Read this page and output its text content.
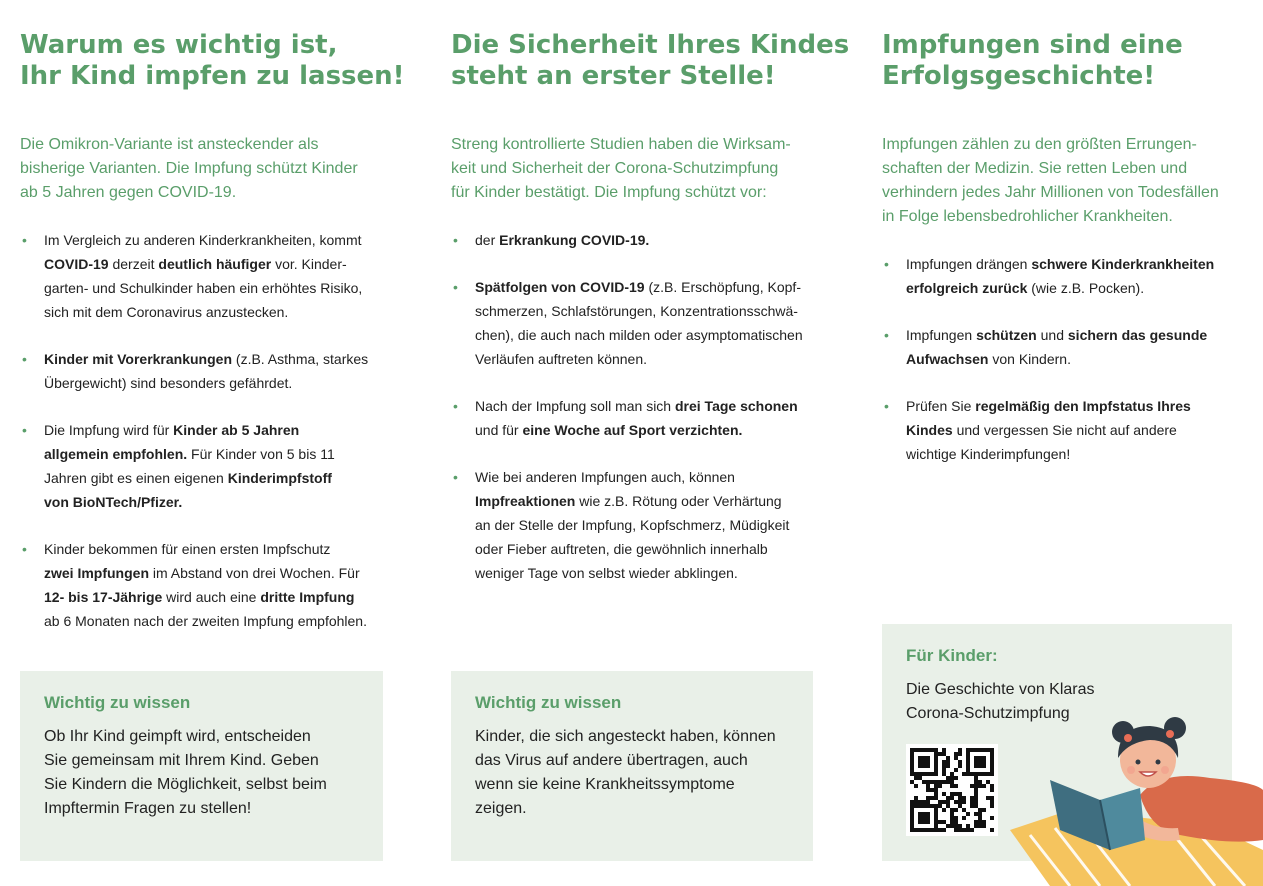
Warum es wichtig ist,
Ihr Kind impfen zu lassen!
Die Omikron-Variante ist ansteckender als
bisherige Varianten. Die Impfung schützt Kinder
ab 5 Jahren gegen COVID-19.
• Im Vergleich zu anderen Kinderkrankheiten, kommt
COVID-19 derzeit deutlich häufiger vor. Kinder-
garten- und Schulkinder haben ein erhöhtes Risiko,
sich mit dem Coronavirus anzustecken.
• Kinder mit Vorerkrankungen (z.B. Asthma, starkes
Übergewicht) sind besonders gefährdet.
• Die Impfung wird für Kinder ab 5 Jahren
allgemein empfohlen. Für Kinder von 5 bis 11
Jahren gibt es einen eigenen Kinderimpfstoff
von BioNTech/Pfizer.
• Kinder bekommen für einen ersten Impfschutz
zwei Impfungen im Abstand von drei Wochen. Für
12- bis 17-Jährige wird auch eine dritte Impfung
ab 6 Monaten nach der zweiten Impfung empfohlen.
Wichtig zu wissen
Ob Ihr Kind geimpft wird, entscheiden
Sie gemeinsam mit Ihrem Kind. Geben
Sie Kindern die Möglichkeit, selbst beim
Impftermin Fragen zu stellen!
Die Sicherheit Ihres Kindes
steht an erster Stelle!
Streng kontrollierte Studien haben die Wirksam-
keit und Sicherheit der Corona-Schutzimpfung
für Kinder bestätigt. Die Impfung schützt vor:
• der Erkrankung COVID-19.
• Spätfolgen von COVID-19 (z.B. Erschöpfung, Kopf-
schmerzen, Schlafstörungen, Konzentrationsschwä-
chen), die auch nach milden oder asymptomatischen
Verläufen auftreten können.
• Nach der Impfung soll man sich drei Tage schonen
und für eine Woche auf Sport verzichten.
• Wie bei anderen Impfungen auch, können
Impfreaktionen wie z.B. Rötung oder Verhärtung
an der Stelle der Impfung, Kopfschmerz, Müdigkeit
oder Fieber auftreten, die gewöhnlich innerhalb
weniger Tage von selbst wieder abklingen.
Wichtig zu wissen
Kinder, die sich angesteckt haben, können
das Virus auf andere übertragen, auch
wenn sie keine Krankheitssymptome
zeigen.
Impfungen sind eine
Erfolgsgeschichte!
Impfungen zählen zu den größten Errungen-
schaften der Medizin. Sie retten Leben und
verhindern jedes Jahr Millionen von Todesfällen
in Folge lebensbedrohlicher Krankheiten.
• Impfungen drängen schwere Kinderkrankheiten
erfolgreich zurück (wie z.B. Pocken).
• Impfungen schützen und sichern das gesunde
Aufwachsen von Kindern.
• Prüfen Sie regelmäßig den Impfstatus Ihres
Kindes und vergessen Sie nicht auf andere
wichtige Kinderimpfungen!
Für Kinder:
Die Geschichte von Klaras
Corona-Schutzimpfung
